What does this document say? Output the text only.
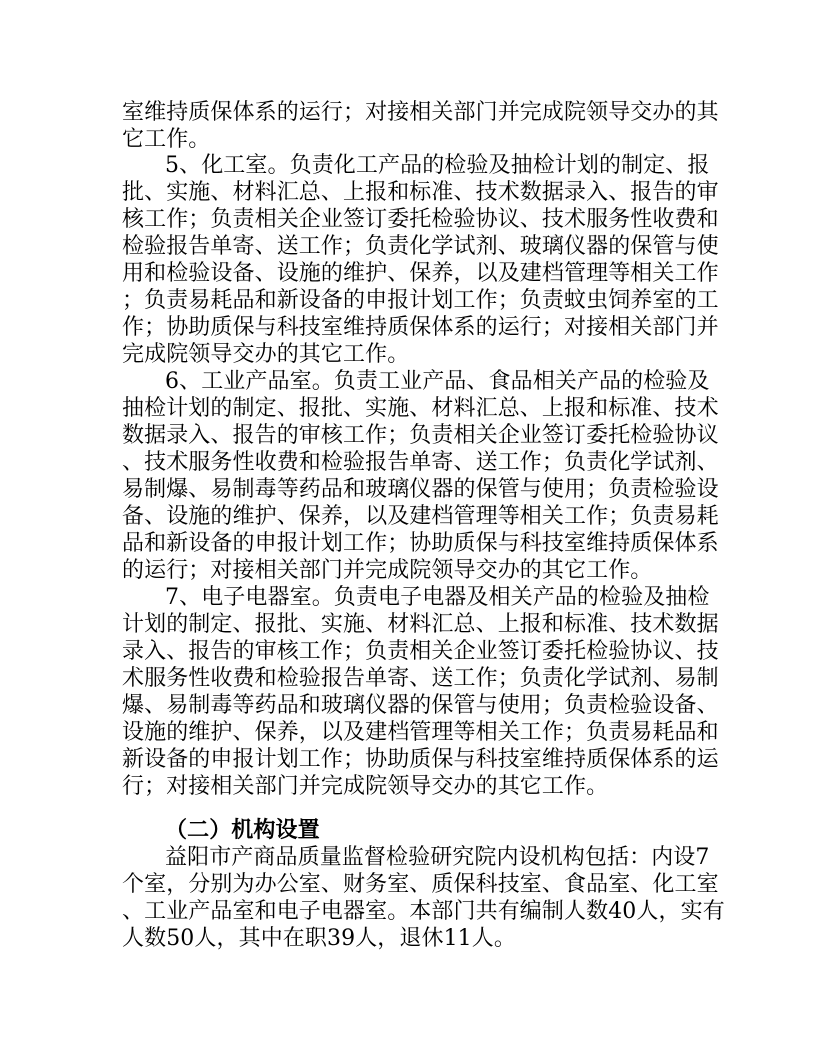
室维持质保体系的运行；对接相关部门并完成院领导交办的其
它工作。
5、化工室。负责化工产品的检验及抽检计划的制定、报
批、实施、材料汇总、上报和标准、技术数据录入、报告的审
核工作；负责相关企业签订委托检验协议、技术服务性收费和
检验报告单寄、送工作；负责化学试剂、玻璃仪器的保管与使
用和检验设备、设施的维护、保养，以及建档管理等相关工作
；负责易耗品和新设备的申报计划工作；负责蚊虫饲养室的工
作；协助质保与科技室维持质保体系的运行；对接相关部门并
完成院领导交办的其它工作。
6、工业产品室。负责工业产品、食品相关产品的检验及
抽检计划的制定、报批、实施、材料汇总、上报和标准、技术
数据录入、报告的审核工作；负责相关企业签订委托检验协议
、技术服务性收费和检验报告单寄、送工作；负责化学试剂、
易制爆、易制毒等药品和玻璃仪器的保管与使用；负责检验设
备、设施的维护、保养，以及建档管理等相关工作；负责易耗
品和新设备的申报计划工作；协助质保与科技室维持质保体系
的运行；对接相关部门并完成院领导交办的其它工作。
7、电子电器室。负责电子电器及相关产品的检验及抽检
计划的制定、报批、实施、材料汇总、上报和标准、技术数据
录入、报告的审核工作；负责相关企业签订委托检验协议、技
术服务性收费和检验报告单寄、送工作；负责化学试剂、易制
爆、易制毒等药品和玻璃仪器的保管与使用；负责检验设备、
设施的维护、保养，以及建档管理等相关工作；负责易耗品和
新设备的申报计划工作；协助质保与科技室维持质保体系的运
行；对接相关部门并完成院领导交办的其它工作。
（二）机构设置
益阳市产商品质量监督检验研究院内设机构包括：内设7
个室，分别为办公室、财务室、质保科技室、食品室、化工室
、工业产品室和电子电器室。本部门共有编制人数40人，实有
人数50人，其中在职39人，退休11人。
